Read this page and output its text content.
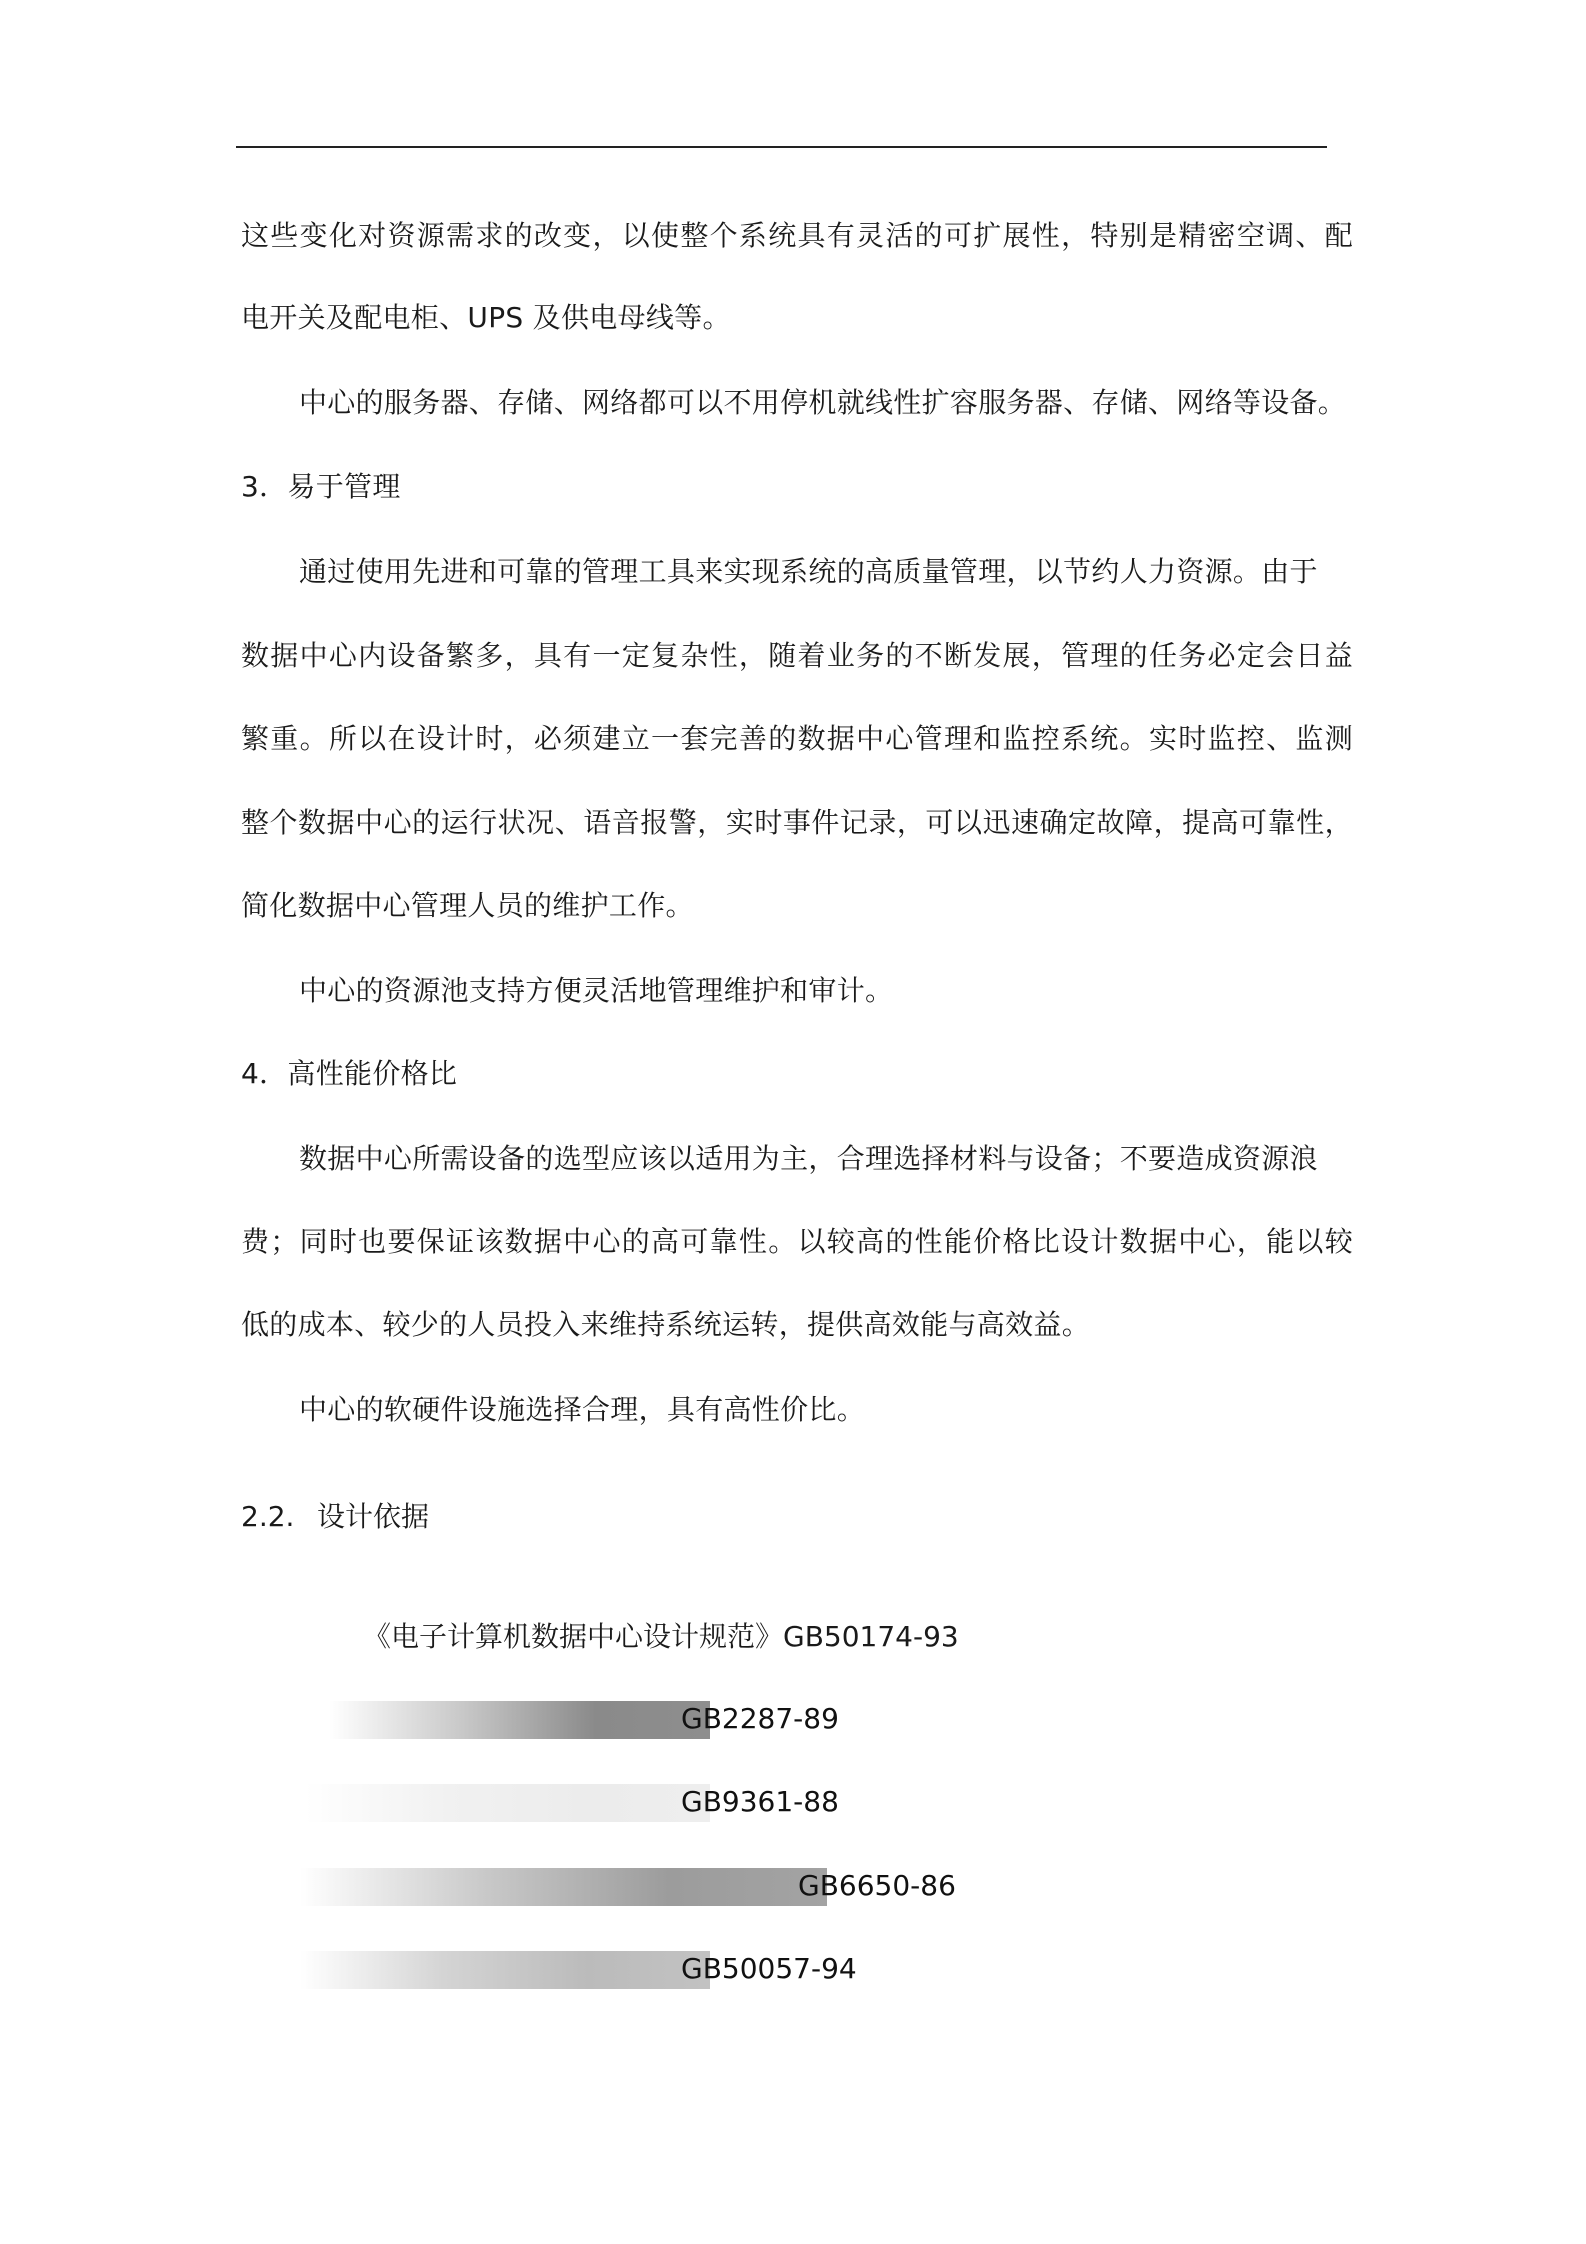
这些变化对资源需求的改变，以使整个系统具有灵活的可扩展性，特别是精密空调、配
电开关及配电柜、UPS 及供电母线等。
中心的服务器、存储、网络都可以不用停机就线性扩容服务器、存储、网络等设备。
3．易于管理
通过使用先进和可靠的管理工具来实现系统的高质量管理，以节约人力资源。由于
数据中心内设备繁多，具有一定复杂性，随着业务的不断发展，管理的任务必定会日益
繁重。所以在设计时，必须建立一套完善的数据中心管理和监控系统。实时监控、监测
整个数据中心的运行状况、语音报警，实时事件记录，可以迅速确定故障，提高可靠性，
简化数据中心管理人员的维护工作。
中心的资源池支持方便灵活地管理维护和审计。
4．高性能价格比
数据中心所需设备的选型应该以适用为主，合理选择材料与设备；不要造成资源浪
费；同时也要保证该数据中心的高可靠性。以较高的性能价格比设计数据中心，能以较
低的成本、较少的人员投入来维持系统运转，提供高效能与高效益。
中心的软硬件设施选择合理，具有高性价比。
2.2. 设计依据
《电子计算机数据中心设计规范》GB50174-93
GB2287-89
GB9361-88
GB6650-86
GB50057-94
